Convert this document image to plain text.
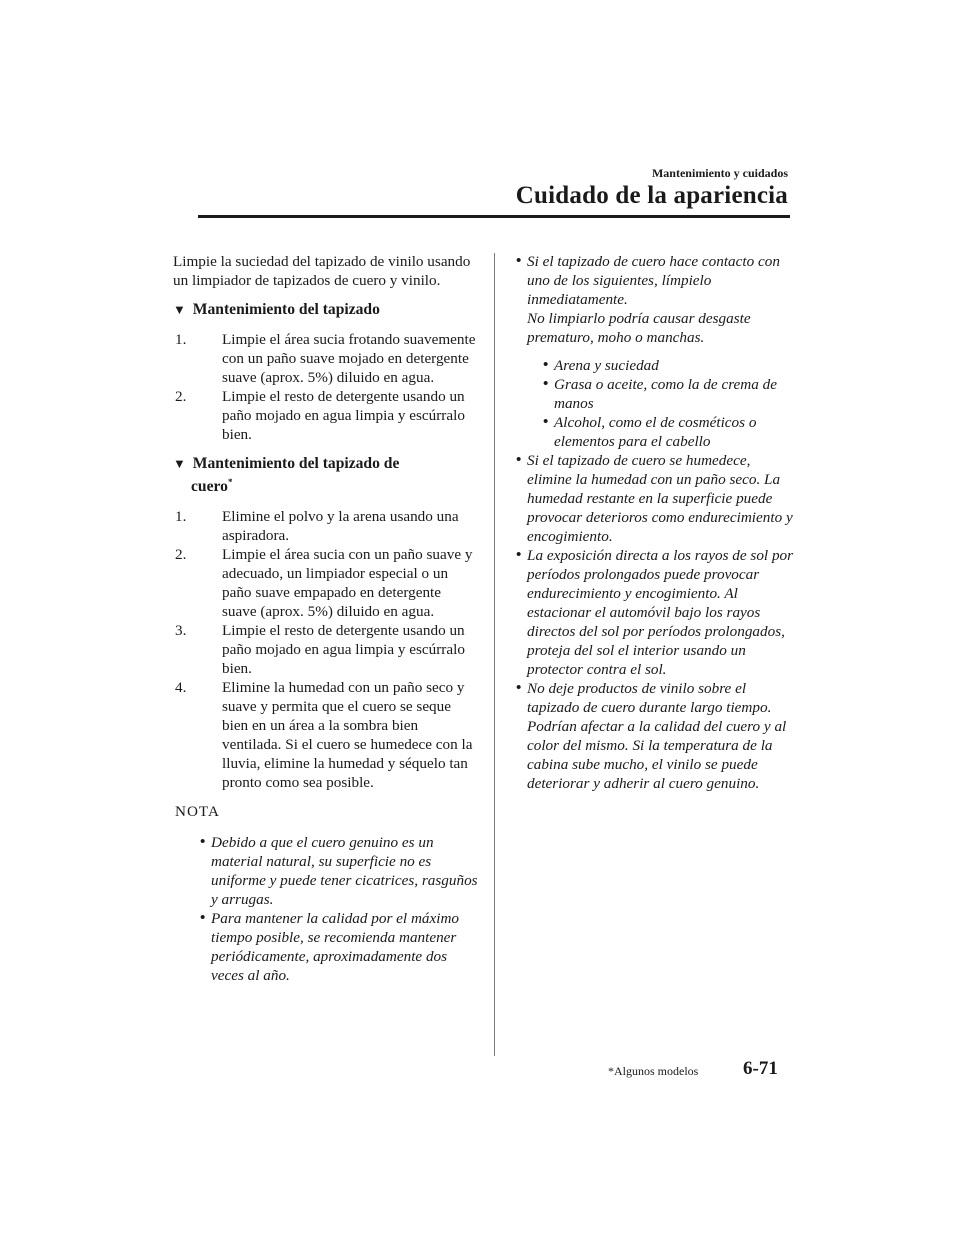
Mantenimiento y cuidados
Cuidado de la apariencia

Limpie la suciedad del tapizado de vinilo usando un limpiador de tapizados de cuero y vinilo.

▼ Mantenimiento del tapizado
1. Limpie el área sucia frotando suavemente con un paño suave mojado en detergente suave (aprox. 5%) diluido en agua.
2. Limpie el resto de detergente usando un paño mojado en agua limpia y escúrralo bien.
▼ Mantenimiento del tapizado de
cuero*
1. Elimine el polvo y la arena usando una aspiradora.
2. Limpie el área sucia con un paño suave y adecuado, un limpiador especial o un paño suave empapado en detergente suave (aprox. 5%) diluido en agua.
3. Limpie el resto de detergente usando un paño mojado en agua limpia y escúrralo bien.
4. Elimine la humedad con un paño seco y suave y permita que el cuero se seque bien en un área a la sombra bien ventilada. Si el cuero se humedece con la lluvia, elimine la humedad y séquelo tan pronto como sea posible.
NOTA
• Debido a que el cuero genuino es un material natural, su superficie no es uniforme y puede tener cicatrices, rasguños y arrugas.
• Para mantener la calidad por el máximo tiempo posible, se recomienda mantener periódicamente, aproximadamente dos veces al año.
• Si el tapizado de cuero hace contacto con uno de los siguientes, límpielo inmediatamente.

No limpiarlo podría causar desgaste prematuro, moho o manchas.

• Arena y suciedad
• Grasa o aceite, como la de crema de manos
• Alcohol, como el de cosméticos o elementos para el cabello
• Si el tapizado de cuero se humedece, elimine la humedad con un paño seco. La humedad restante en la superficie puede provocar deterioros como endurecimiento y encogimiento.
• La exposición directa a los rayos de sol por períodos prolongados puede provocar endurecimiento y encogimiento. Al estacionar el automóvil bajo los rayos directos del sol por períodos prolongados, proteja del sol el interior usando un protector contra el sol.
• No deje productos de vinilo sobre el tapizado de cuero durante largo tiempo. Podrían afectar a la calidad del cuero y al color del mismo. Si la temperatura de la cabina sube mucho, el vinilo se puede deteriorar y adherir al cuero genuino.
*Algunos modelos 6-71
